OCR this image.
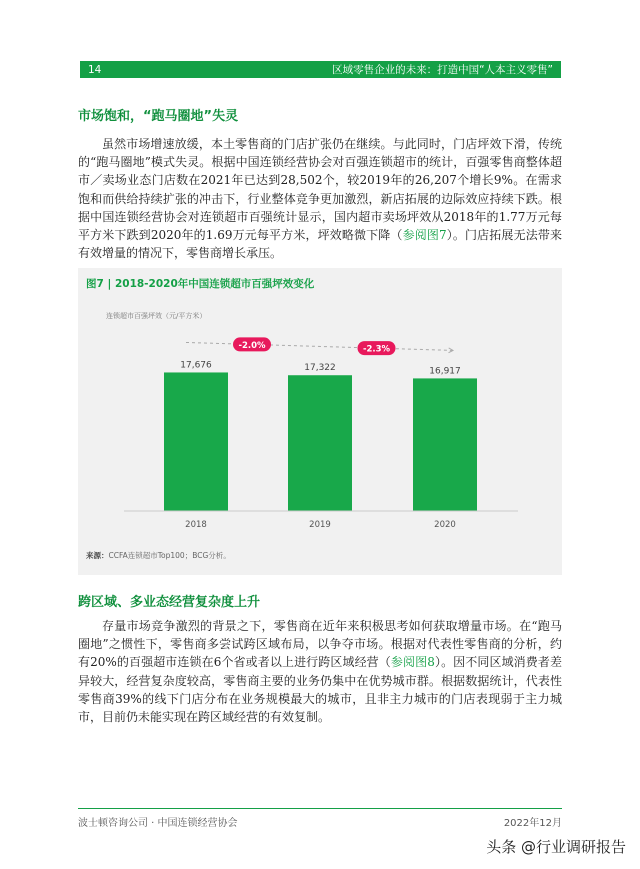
14	区域零售企业的未来：打造中国“人本主义零售”
市场饱和，“跑马圈地”失灵

虽然市场增速放缓，本土零售商的门店扩张仍在继续。与此同时，门店坪效下滑，传统的“跑马圈地”模式失灵。根据中国连锁经营协会对百强连锁超市的统计，百强零售商整体超市／卖场业态门店数在2021年已达到28,502个，较2019年的26,207个增长9%。在需求饱和而供给持续扩张的冲击下，行业整体竞争更加激烈，新店拓展的边际效应持续下跌。根据中国连锁经营协会对连锁超市百强统计显示，国内超市卖场坪效从2018年的1.77万元每平方米下跌到2020年的1.69万元每平方米，坪效略微下降（参阅图7）。门店拓展无法带来有效增量的情况下，零售商增长承压。

图7 | 2018-2020年中国连锁超市百强坪效变化
连锁超市百强坪效（元/平方米）
17,676
2018
17,322
2019
16,917
2020
-2.0%	-2.3%
来源：CCFA连锁超市Top100；BCG分析。
跨区域、多业态经营复杂度上升

存量市场竞争激烈的背景之下，零售商在近年来积极思考如何获取增量市场。在“跑马圈地”之惯性下，零售商多尝试跨区域布局，以争夺市场。根据对代表性零售商的分析，约有20%的百强超市连锁在6个省或者以上进行跨区域经营（参阅图8）。因不同区域消费者差异较大，经营复杂度较高，零售商主要的业务仍集中在优势城市群。根据数据统计，代表性零售商39%的线下门店分布在业务规模最大的城市，且非主力城市的门店表现弱于主力城市，目前仍未能实现在跨区域经营的有效复制。

波士顿咨询公司 · 中国连锁经营协会	2022年12月
头条 @行业调研报告
